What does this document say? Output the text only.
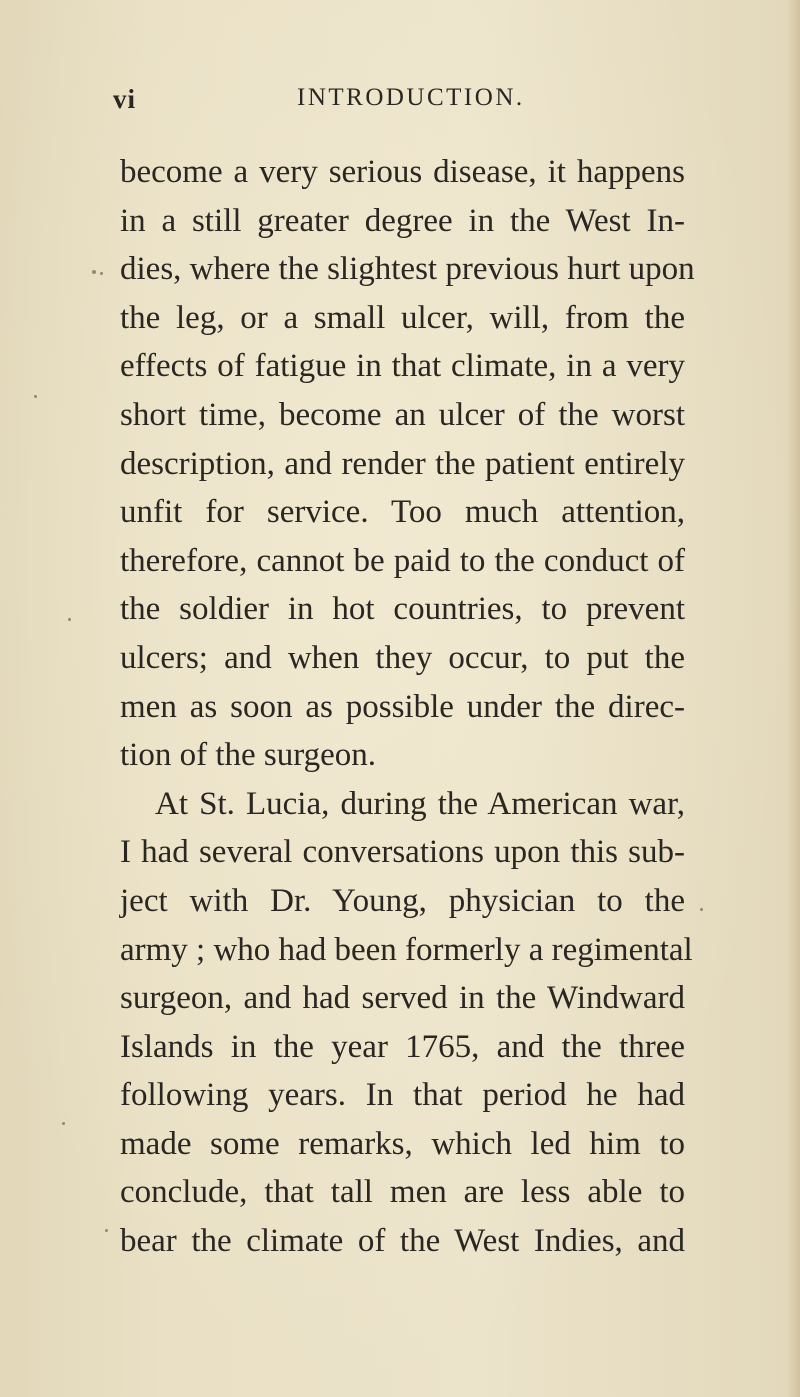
vi	INTRODUCTION.
become a very serious disease, it happens
in a still greater degree in the West In-
dies, where the slightest previous hurt upon
the leg, or a small ulcer, will, from the
effects of fatigue in that climate, in a very
short time, become an ulcer of the worst
description, and render the patient entirely
unfit for service. Too much attention,
therefore, cannot be paid to the conduct of
the soldier in hot countries, to prevent
ulcers; and when they occur, to put the
men as soon as possible under the direc-
tion of the surgeon.
At St. Lucia, during the American war,
I had several conversations upon this sub-
ject with Dr. Young, physician to the
army ; who had been formerly a regimental
surgeon, and had served in the Windward
Islands in the year 1765, and the three
following years. In that period he had
made some remarks, which led him to
conclude, that tall men are less able to
bear the climate of the West Indies, and
